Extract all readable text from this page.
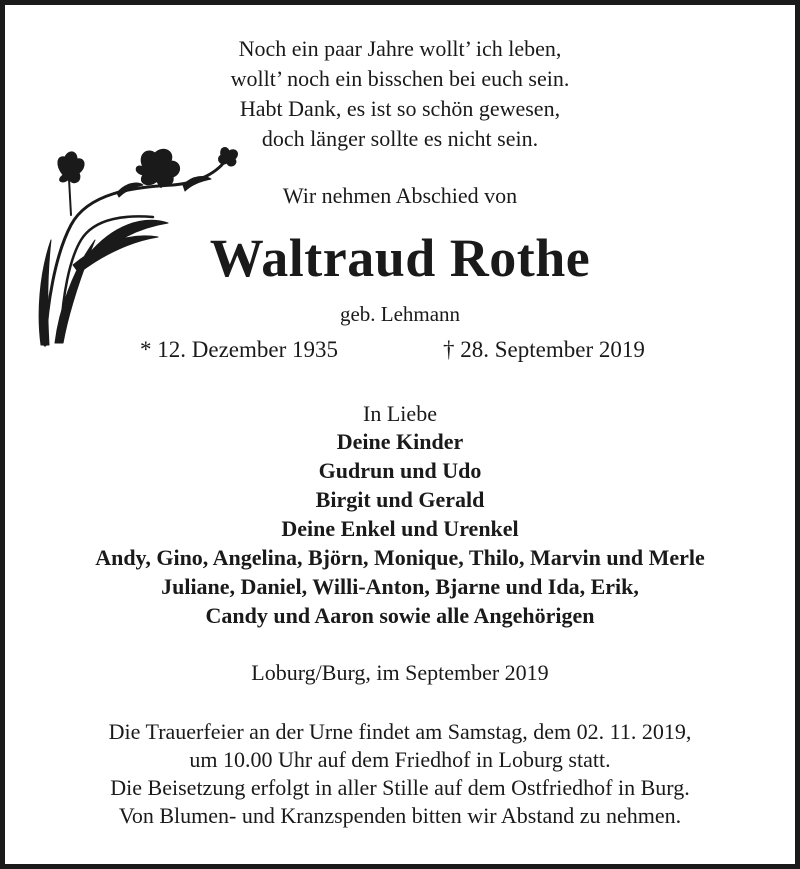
Noch ein paar Jahre wollt’ ich leben,
wollt’ noch ein bisschen bei euch sein.
Habt Dank, es ist so schön gewesen,
doch länger sollte es nicht sein.
Wir nehmen Abschied von
Waltraud Rothe
geb. Lehmann
* 12. Dezember 1935	† 28. September 2019
In Liebe
Deine Kinder
Gudrun und Udo
Birgit und Gerald
Deine Enkel und Urenkel
Andy, Gino, Angelina, Björn, Monique, Thilo, Marvin und Merle
Juliane, Daniel, Willi-Anton, Bjarne und Ida, Erik,
Candy und Aaron sowie alle Angehörigen
Loburg/Burg, im September 2019
Die Trauerfeier an der Urne findet am Samstag, dem 02. 11. 2019,
um 10.00 Uhr auf dem Friedhof in Loburg statt.
Die Beisetzung erfolgt in aller Stille auf dem Ostfriedhof in Burg.
Von Blumen- und Kranzspenden bitten wir Abstand zu nehmen.
